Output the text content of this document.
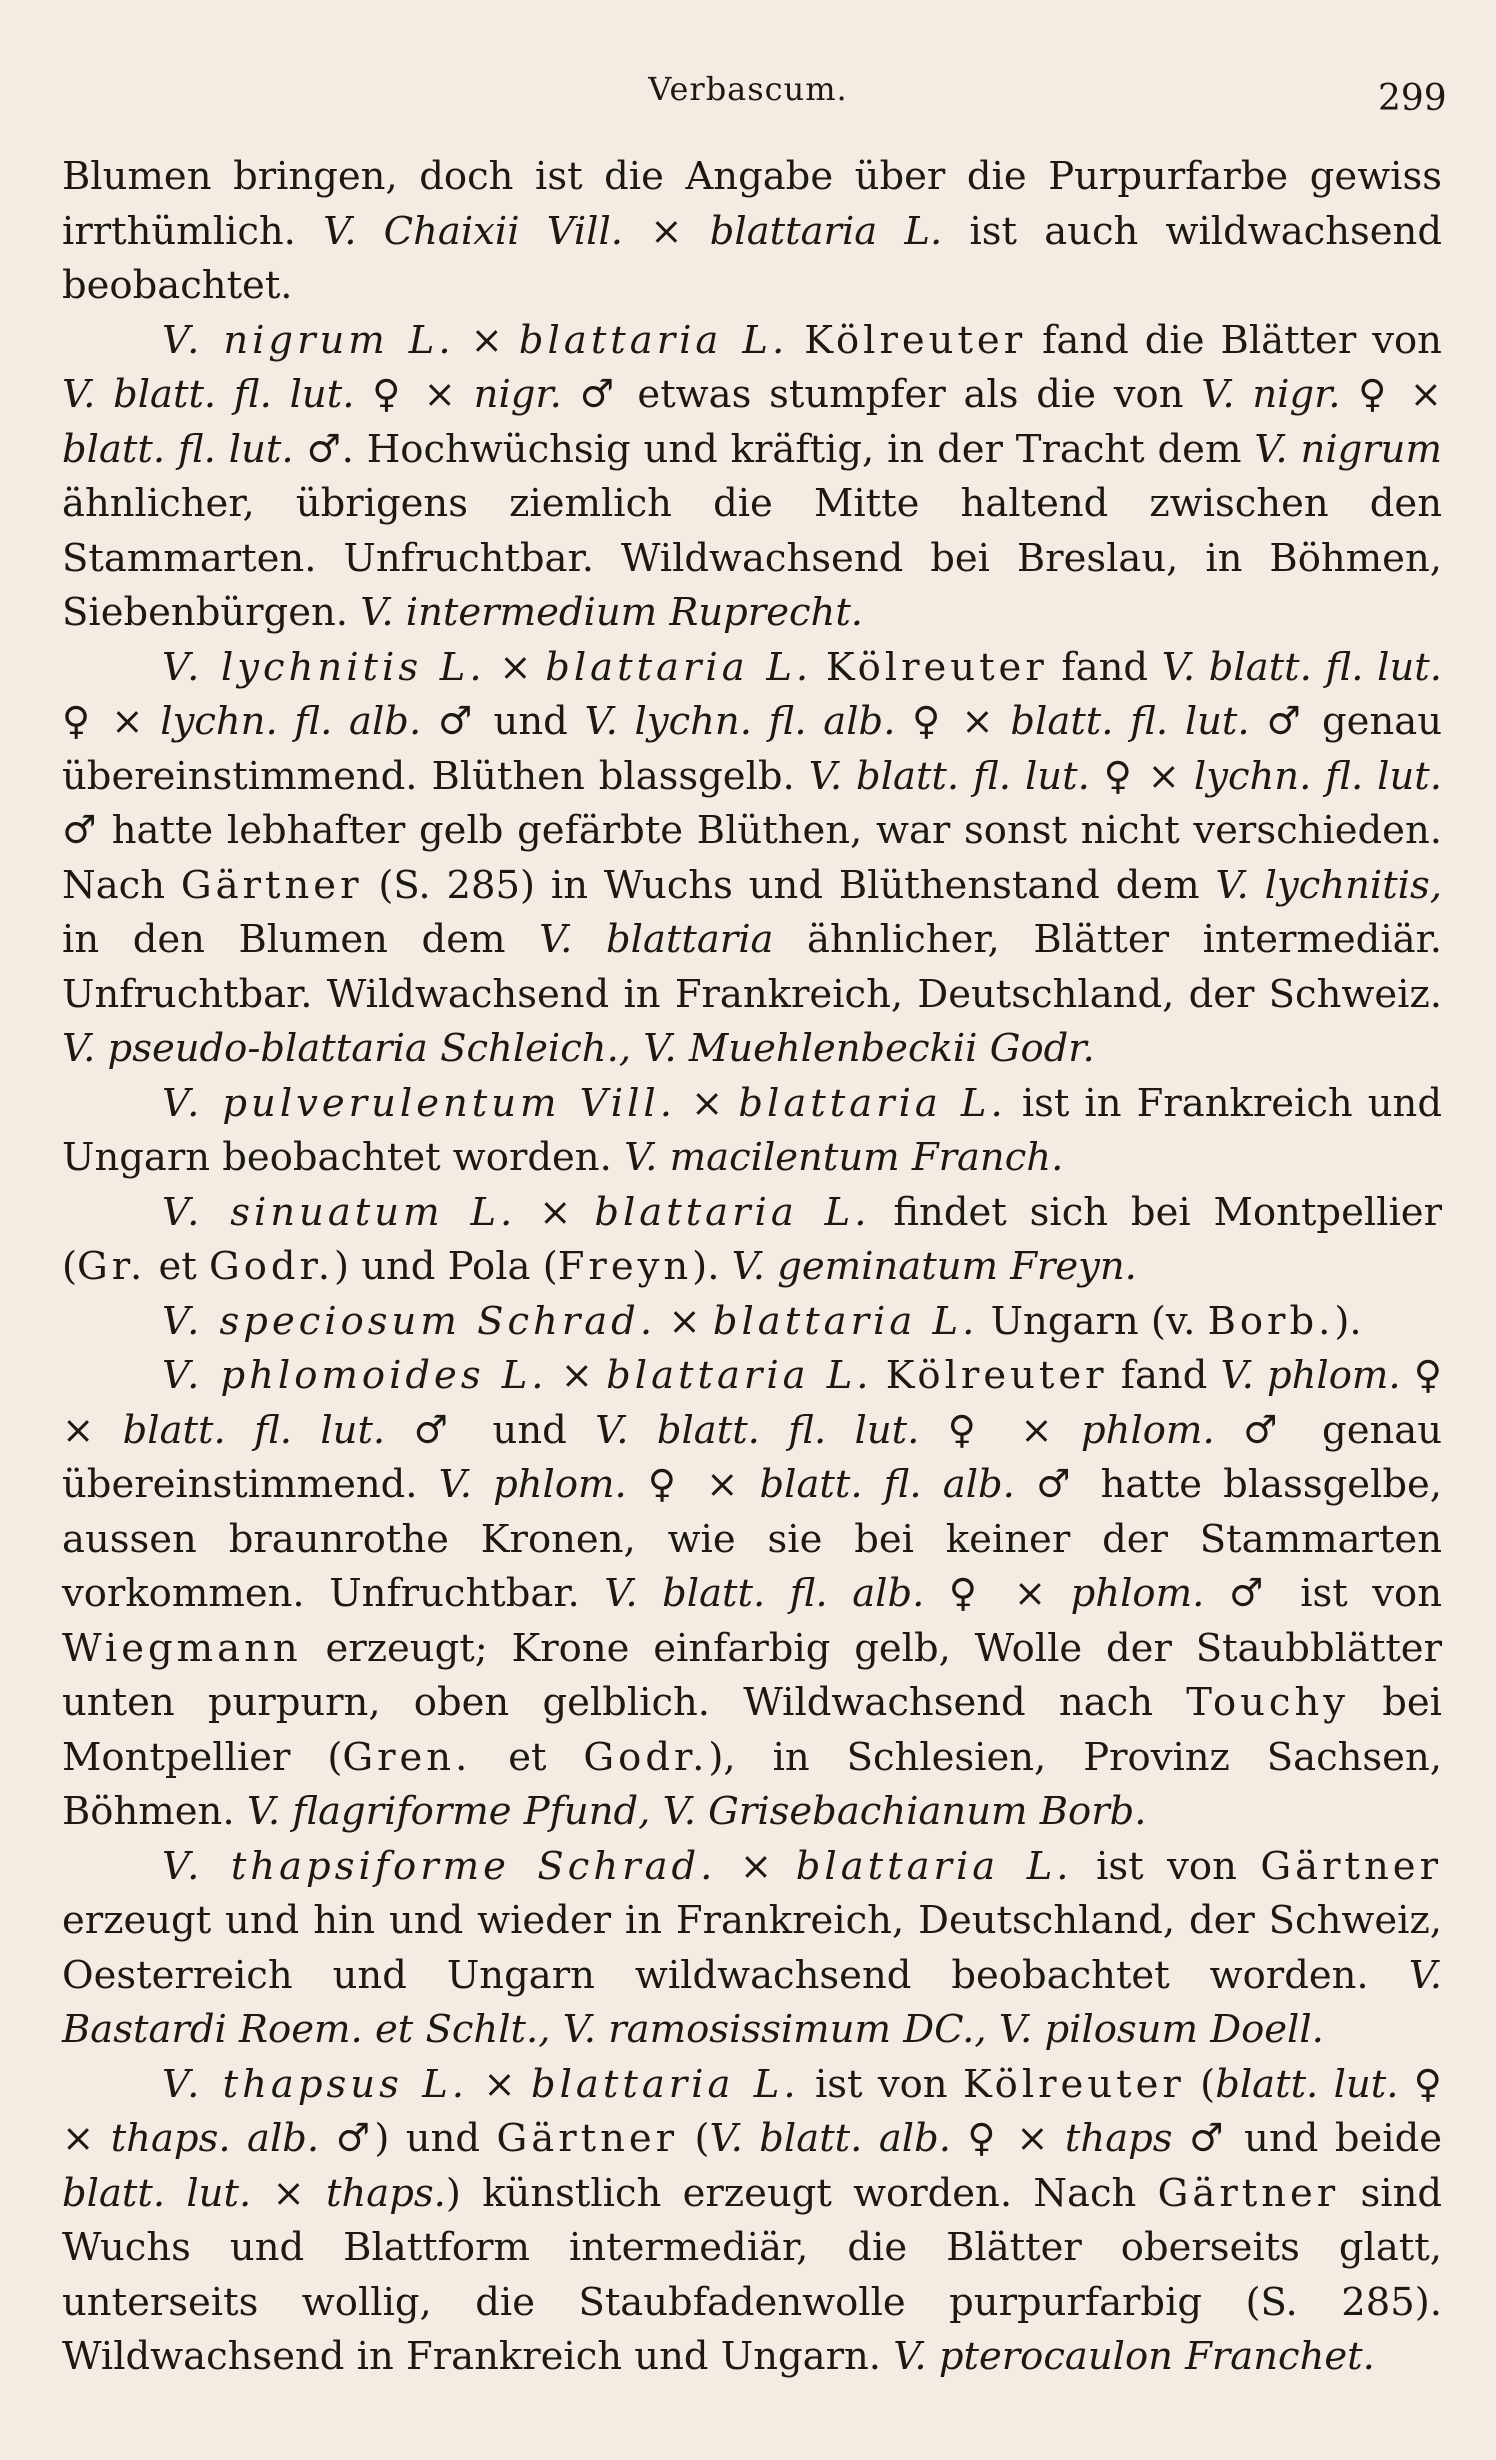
Verbascum.	299

Blumen bringen, doch ist die Angabe über die Purpurfarbe gewiss irrthümlich. V. Chaixii Vill. × blattaria L. ist auch wildwachsend beobachtet.

V. nigrum L. × blattaria L. Kölreuter fand die Blätter von V. blatt. fl. lut. ♀ × nigr. ♂ etwas stumpfer als die von V. nigr. ♀ × blatt. fl. lut. ♂. Hochwüchsig und kräftig, in der Tracht dem V. nigrum ähnlicher, übrigens ziemlich die Mitte haltend zwischen den Stammarten. Unfruchtbar. Wildwachsend bei Breslau, in Böhmen, Siebenbürgen. V. intermedium Ruprecht.

V. lychnitis L. × blattaria L. Kölreuter fand V. blatt. fl. lut. ♀ × lychn. fl. alb. ♂ und V. lychn. fl. alb. ♀ × blatt. fl. lut. ♂ genau übereinstimmend. Blüthen blassgelb. V. blatt. fl. lut. ♀ × lychn. fl. lut. ♂ hatte lebhafter gelb gefärbte Blüthen, war sonst nicht verschieden. Nach Gärtner (S. 285) in Wuchs und Blüthenstand dem V. lychnitis, in den Blumen dem V. blattaria ähnlicher, Blätter intermediär. Unfruchtbar. Wildwachsend in Frankreich, Deutschland, der Schweiz. V. pseudo-blattaria Schleich., V. Muehlenbeckii Godr.

V. pulverulentum Vill. × blattaria L. ist in Frankreich und Ungarn beobachtet worden. V. macilentum Franch.

V. sinuatum L. × blattaria L. findet sich bei Montpellier (Gr. et Godr.) und Pola (Freyn). V. geminatum Freyn.

V. speciosum Schrad. × blattaria L. Ungarn (v. Borb.).

V. phlomoides L. × blattaria L. Kölreuter fand V. phlom. ♀ × blatt. fl. lut. ♂ und V. blatt. fl. lut. ♀ × phlom. ♂ genau übereinstimmend. V. phlom. ♀ × blatt. fl. alb. ♂ hatte blassgelbe, aussen braunrothe Kronen, wie sie bei keiner der Stammarten vorkommen. Unfruchtbar. V. blatt. fl. alb. ♀ × phlom. ♂ ist von Wiegmann erzeugt; Krone einfarbig gelb, Wolle der Staubblätter unten purpurn, oben gelblich. Wildwachsend nach Touchy bei Montpellier (Gren. et Godr.), in Schlesien, Provinz Sachsen, Böhmen. V. flagriforme Pfund, V. Grisebachianum Borb.

V. thapsiforme Schrad. × blattaria L. ist von Gärtner erzeugt und hin und wieder in Frankreich, Deutschland, der Schweiz, Oesterreich und Ungarn wildwachsend beobachtet worden. V. Bastardi Roem. et Schlt., V. ramosissimum DC., V. pilosum Doell.

V. thapsus L. × blattaria L. ist von Kölreuter (blatt. lut. ♀ × thaps. alb. ♂) und Gärtner (V. blatt. alb. ♀ × thaps ♂ und beide blatt. lut. × thaps.) künstlich erzeugt worden. Nach Gärtner sind Wuchs und Blattform intermediär, die Blätter oberseits glatt, unterseits wollig, die Staubfadenwolle purpurfarbig (S. 285). Wildwachsend in Frankreich und Ungarn. V. pterocaulon Franchet.
